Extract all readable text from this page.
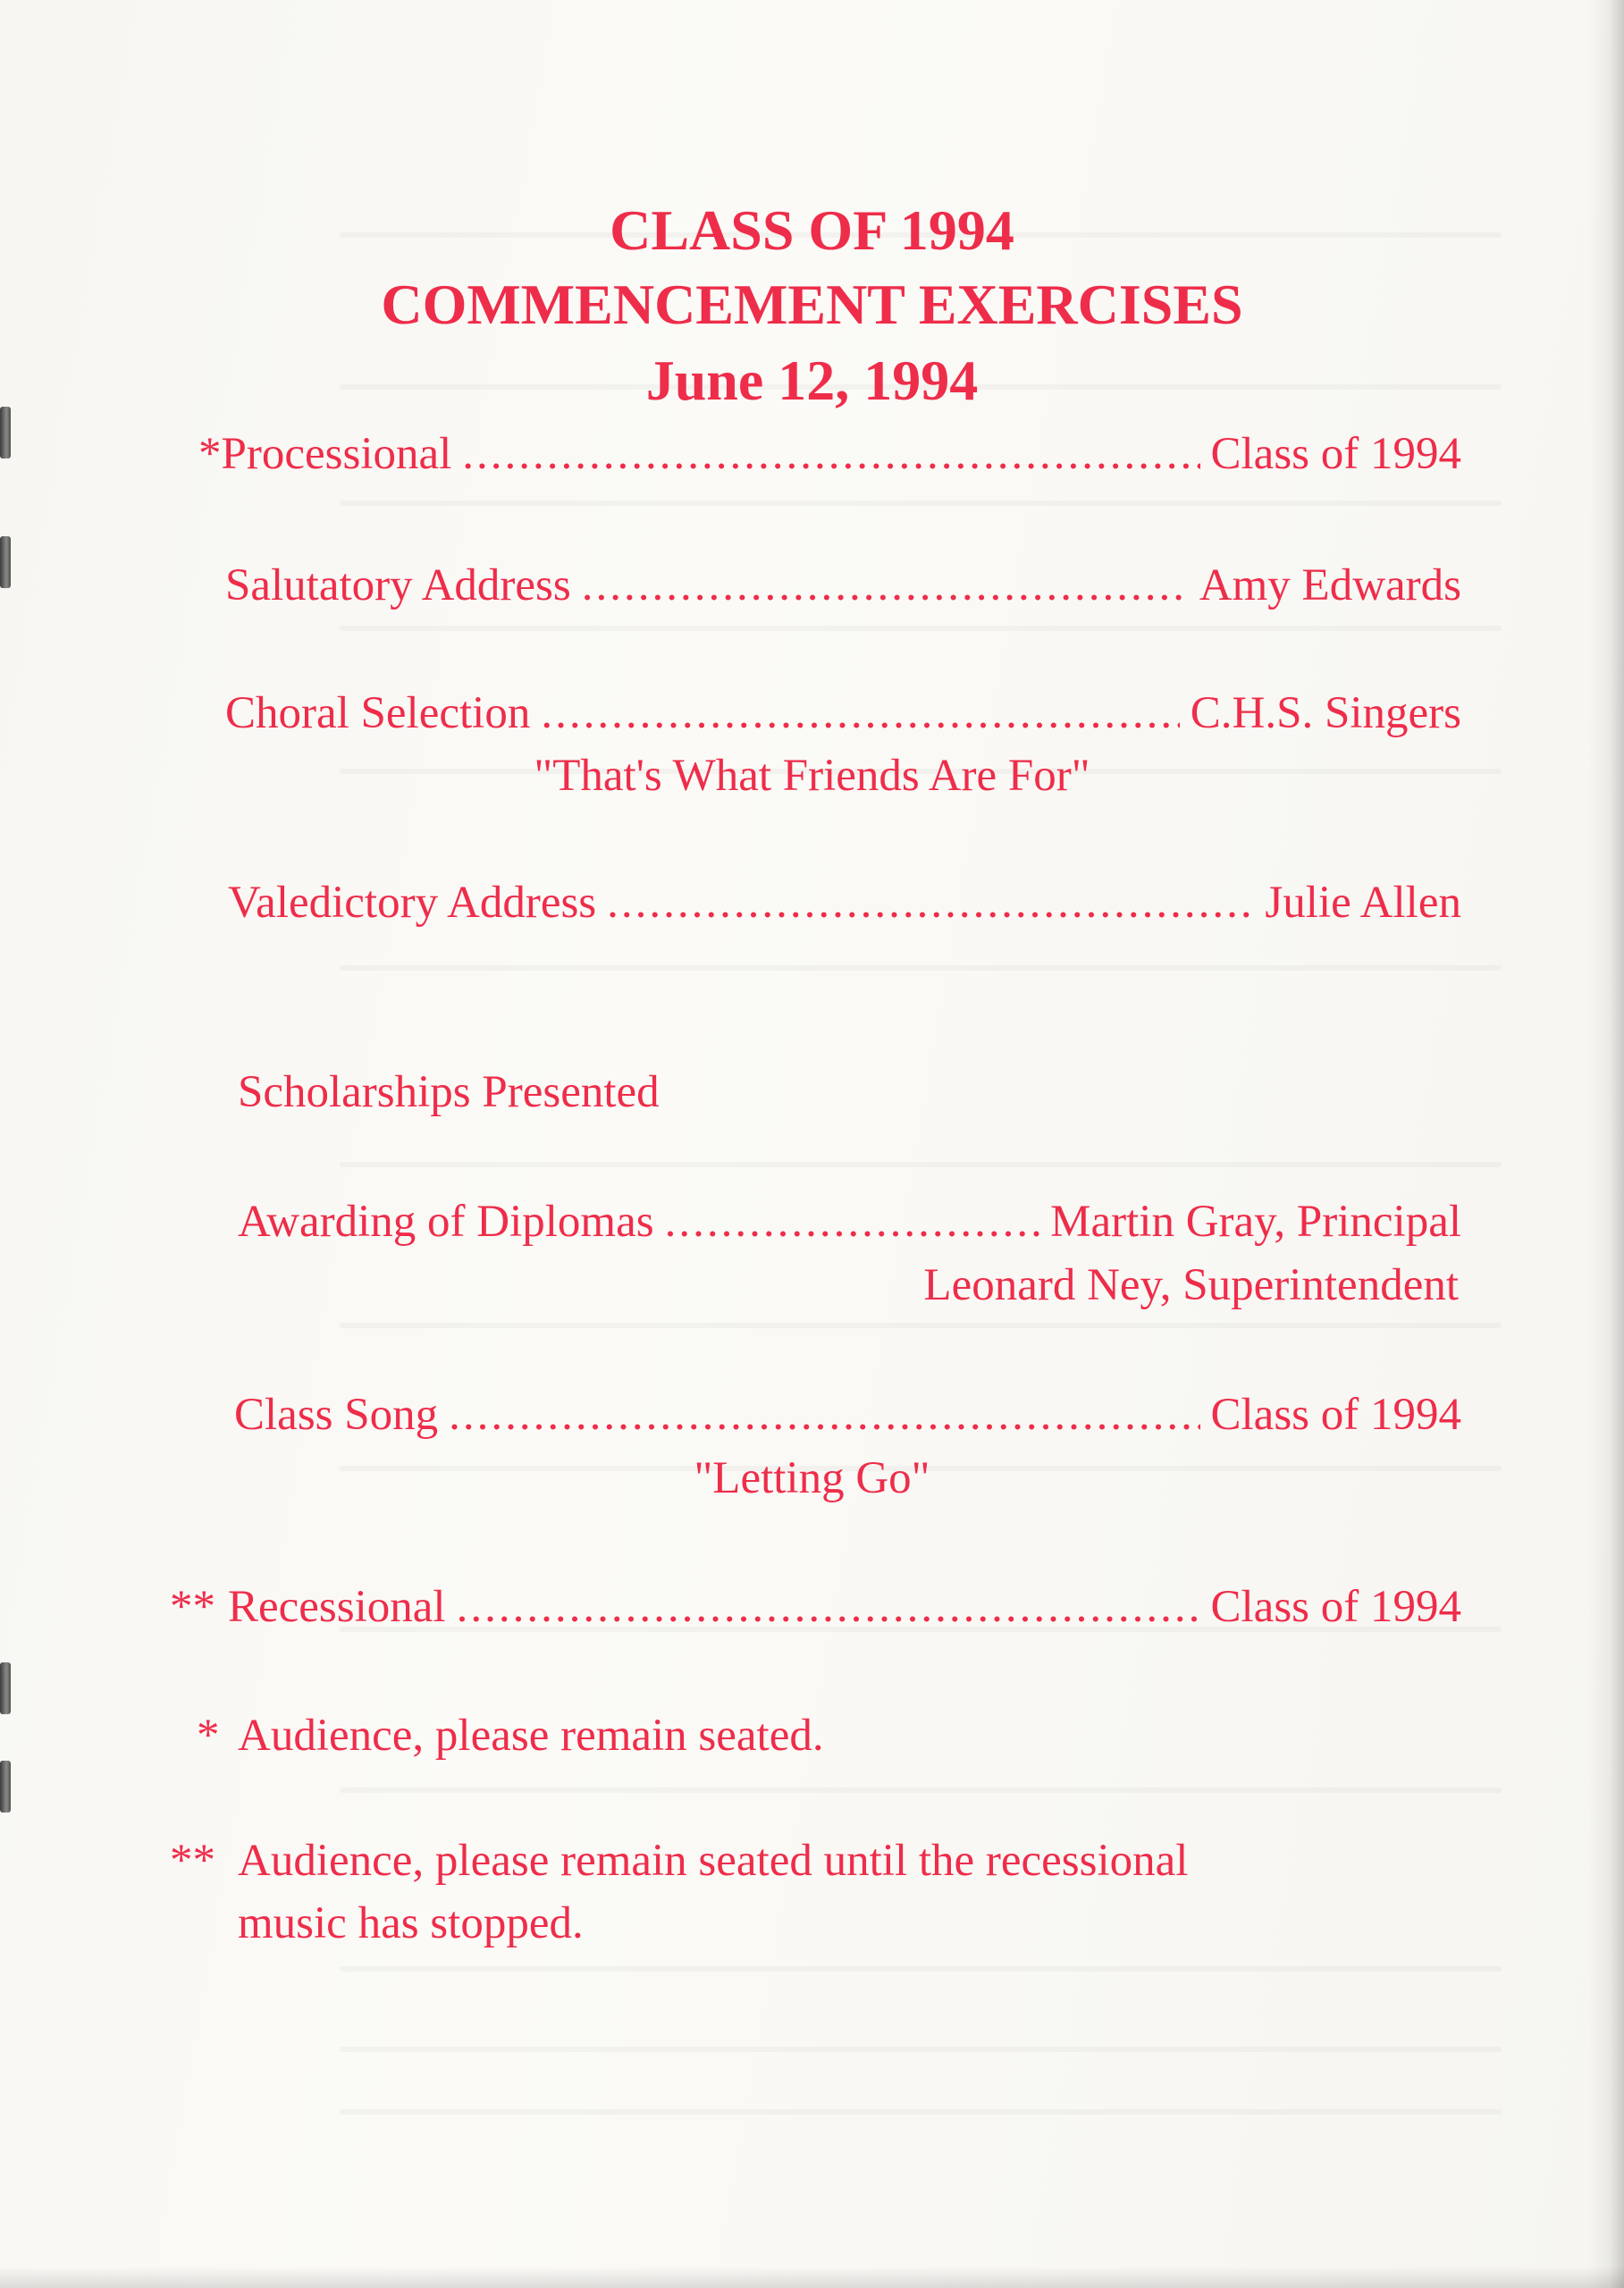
CLASS OF 1994
COMMENCEMENT EXERCISES
June 12, 1994
*Processional .....	Class of 1994
Salutatory Address .....	Amy Edwards
Choral Selection .....	C.H.S. Singers
"That's What Friends Are For"
Valedictory Address .....	Julie Allen
Scholarships Presented
Awarding of Diplomas .....	Martin Gray, Principal
Leonard Ney, Superintendent
Class Song .....	Class of 1994
"Letting Go"
** Recessional .....	Class of 1994
* Audience, please remain seated.
** Audience, please remain seated until the recessional
music has stopped.
